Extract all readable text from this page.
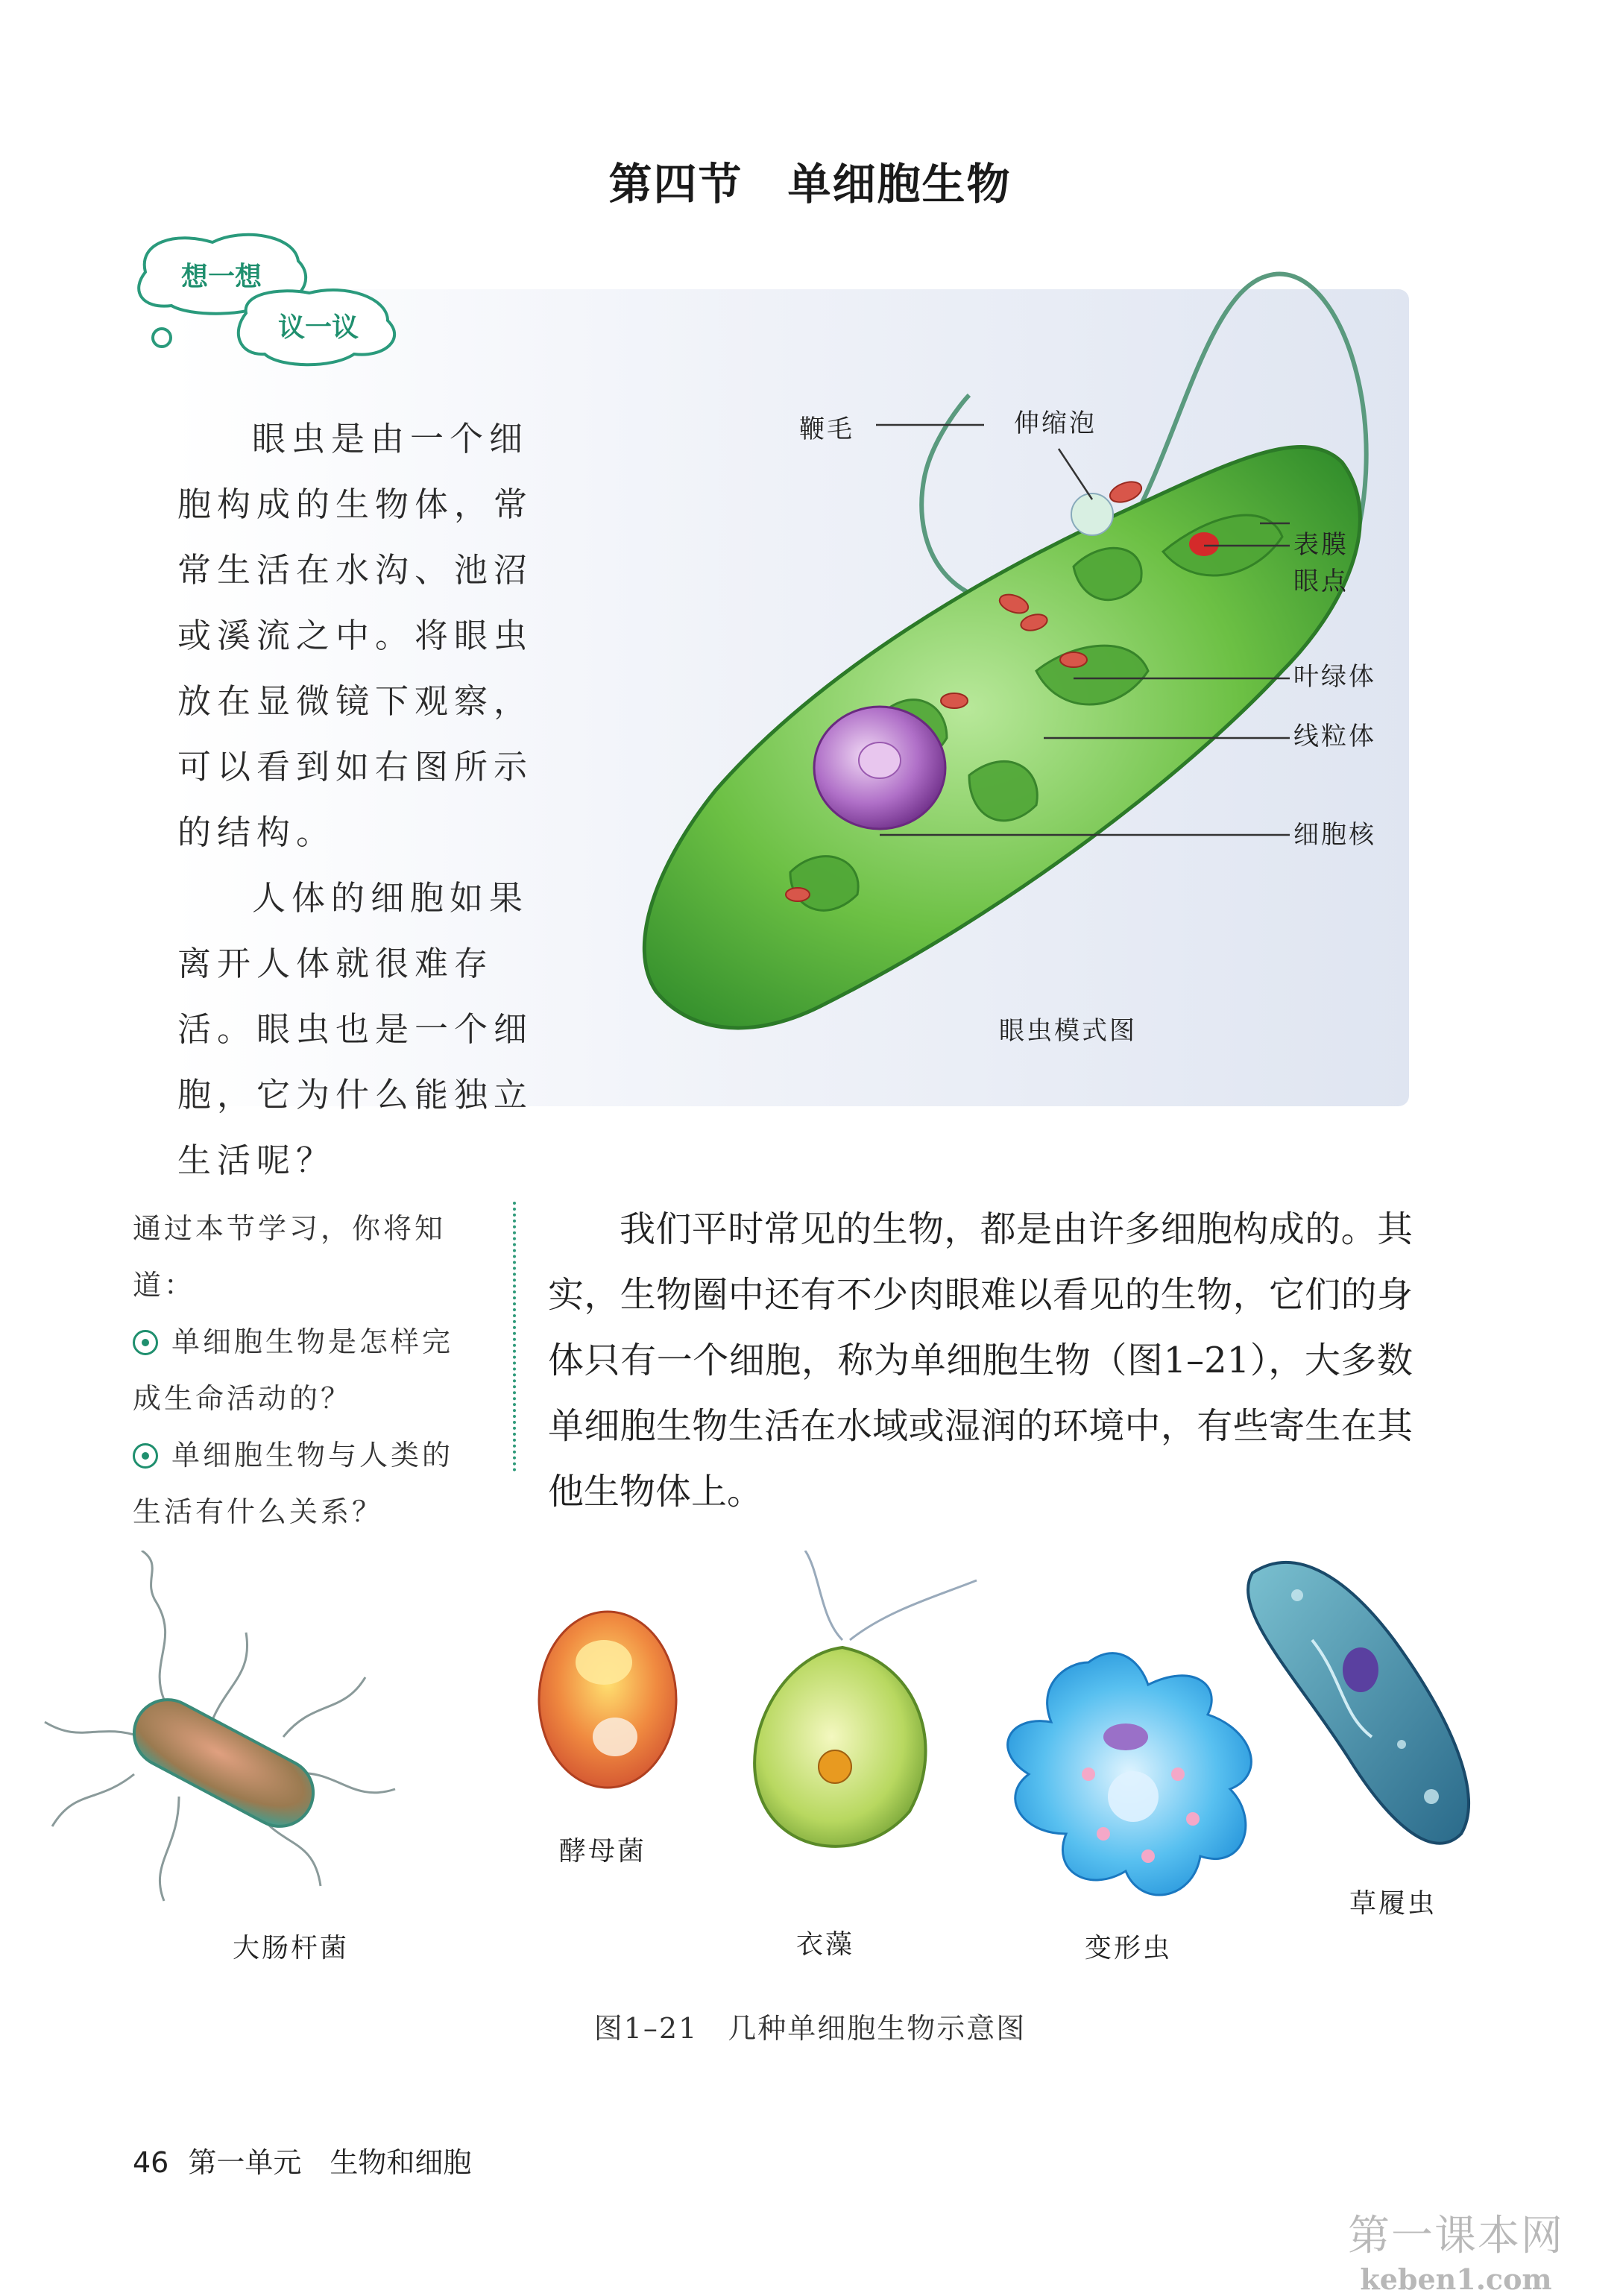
第四节　单细胞生物
想一想
议一议

眼虫是由一个细胞构成的生物体，常常生活在水沟、池沼或溪流之中。将眼虫放在显微镜下观察，可以看到如右图所示的结构。

人体的细胞如果离开人体就很难存活。眼虫也是一个细胞，它为什么能独立生活呢？

鞭毛	伸缩泡
表膜
眼点
叶绿体
线粒体
细胞核
眼虫模式图
通过本节学习，你将知道：
单细胞生物是怎样完成生命活动的？
单细胞生物与人类的生活有什么关系？

我们平时常见的生物，都是由许多细胞构成的。其实，生物圈中还有不少肉眼难以看见的生物，它们的身体只有一个细胞，称为单细胞生物（图1–21），大多数单细胞生物生活在水域或湿润的环境中，有些寄生在其他生物体上。

大肠杆菌
酵母菌
衣藻	变形虫
草履虫
图1–21　几种单细胞生物示意图
46 第一单元　生物和细胞
第一课本网
keben1.com
